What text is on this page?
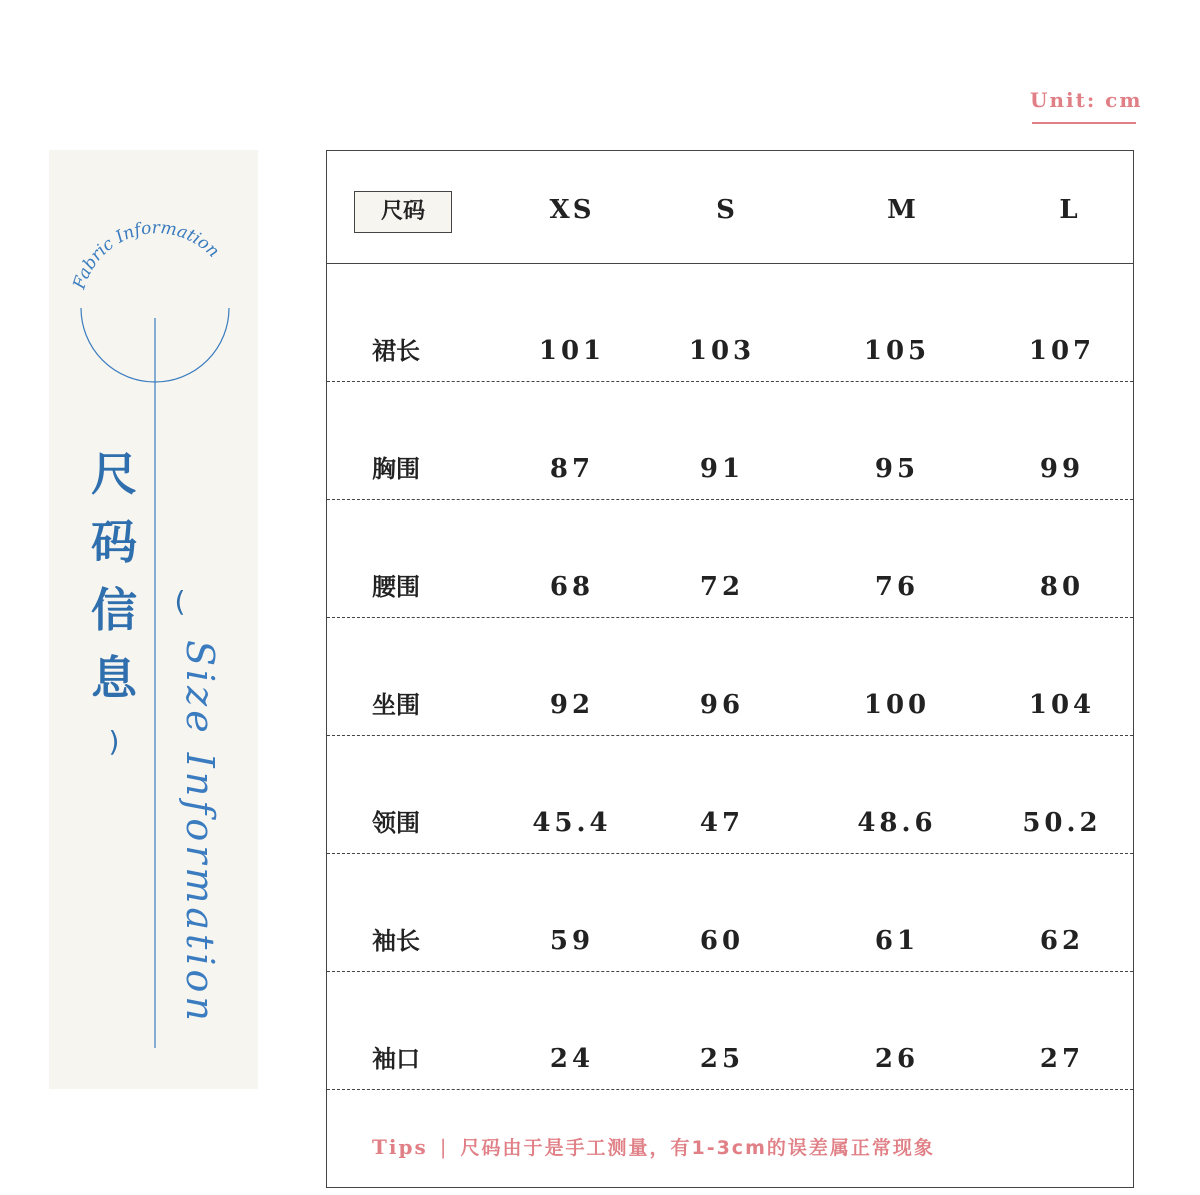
Unit: cm
Fabric Information
尺
码
信
息
(
)	Size Information
尺码	XS	S	M	L
裙长	101	103	105	107
胸围	87	91	95	99
腰围	68	72	76	80
坐围	92	96	100	104
领围	45.4	47	48.6	50.2
袖长	59	60	61	62
袖口	24	25	26	27
Tips | 尺码由于是手工测量，有1-3cm的误差属正常现象
